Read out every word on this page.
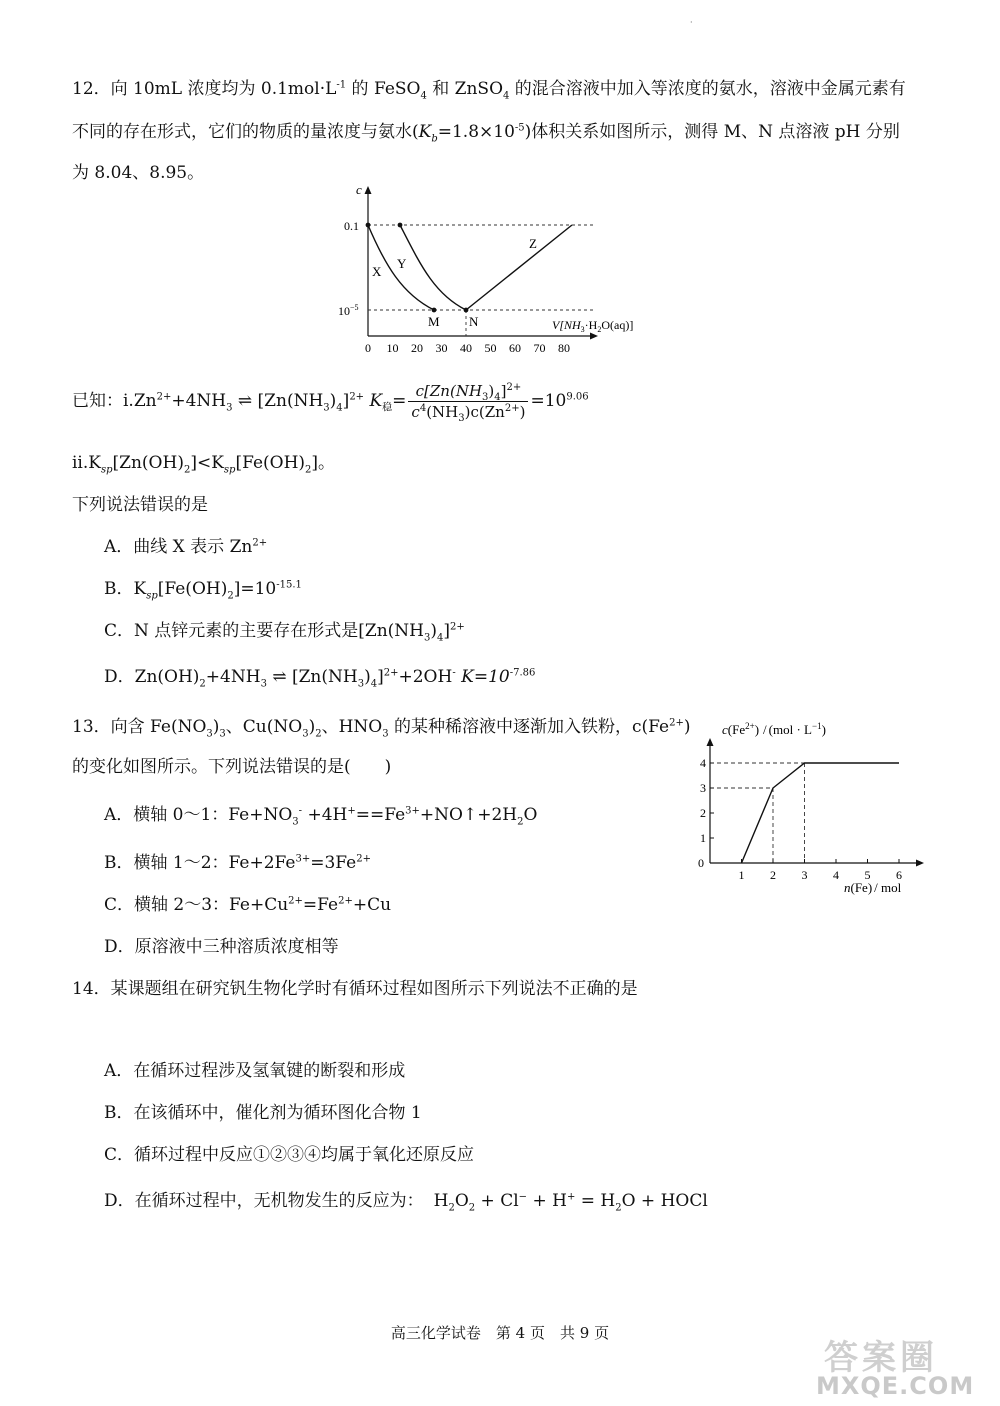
·
12．向 10mL 浓度均为 $0.1mol\cdot L^{-1}$ 的 FeSO$_4$ 和 ZnSO$_4$ 的混合溶液中加入等浓度的氨水，溶液中金属元素有
不同的存在形式，它们的物质的量浓度与氨水$(K_b=1.8\times 10^{-5})$体积关系如图所示，测得 M、N 点溶液 pH 分别
为 8.04、8.95。
c
0.1
$10^{-5}$
0 10 20 30 40 50 60 70 80
X
Y
Z
M N	$V[NH_3\cdot H_2O(aq)]$
已知：$i.Zn^{2+}+4NH_3$ ⇌ $[Zn(NH_3)_4]^{2+}$ $K_稳= \frac{c[Zn(NH_3)_4]^{2+}}{c^4(NH_3)c(Zn^{2+})} =10^{9.06}$
$ii.K_{sp}[Zn(OH)_2]<K_{sp}[Fe(OH)_2]$。
下列说法错误的是
A．曲线 X 表示 $Zn^{2+}$
B．$K_{sp}[Fe(OH)_2]=10^{-15.1}$
C．N 点锌元素的主要存在形式是$[Zn(NH_3)_4]^{2+}$
D．$Zn(OH)_2+4NH_3$ ⇌ $[Zn(NH_3)_4]^{2+}+2OH^-$ $K=10^{-7.86}$
13．向含 $Fe(NO_3)_3$、$Cu(NO_3)_2$、$HNO_3$ 的某种稀溶液中逐渐加入铁粉，$c(Fe^{2+})$
的变化如图所示。下列说法错误的是(　　)
A．横轴 0～1：$Fe+NO_3^-$ $+4H^+==Fe^{3+}+NO↑+2H_2O$
B．横轴 1～2：$Fe+2Fe^{3+}=3Fe^{2+}$
C．横轴 2～3：$Fe+Cu^{2+}=Fe^{2+}+Cu$
D．原溶液中三种溶质浓度相等
$c(Fe^{2+}) / (mol \cdot L^{-1})$
0
1
2
3
4
1 2 3 4 5 6
n(Fe) / mol
14．某课题组在研究钒生物化学时有循环过程如图所示下列说法不正确的是
A．在循环过程涉及氢氧键的断裂和形成
B．在该循环中，催化剂为循环图化合物 1
C．循环过程中反应①②③④均属于氧化还原反应
D．在循环过程中，无机物发生的反应为： $H_2O_2 + Cl^- + H^+ = H_2O$ + HOCl
高三化学试卷　第 4 页　共 9 页
答案圈
MXQE.COM
